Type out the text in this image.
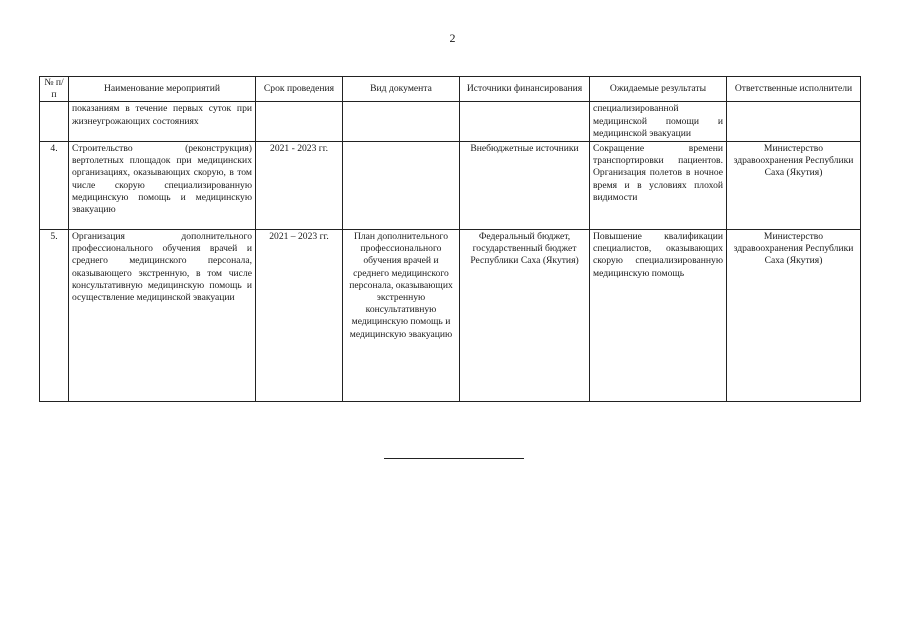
2
№ п/п	Наименование мероприятий	Срок проведения	Вид документа	Источники финансирования	Ожидаемые результаты	Ответственные исполнители
	показаниям в течение первых суток при жизнеугрожающих состояниях				специализированной медицинской помощи и медицинской эвакуации	
4.	Строительство (реконструкция) вертолетных площадок при медицинских организациях, оказывающих скорую, в том числе скорую специализированную медицинскую помощь и медицинскую эвакуацию	2021 - 2023 гг.		Внебюджетные источники	Сокращение времени транспортировки пациентов. Организация полетов в ночное время и в условиях плохой видимости	Министерство здравоохранения Республики Саха (Якутия)
5.	Организация дополнительного профессионального обучения врачей и среднего медицинского персонала, оказывающего экстренную, в том числе консультативную медицинскую помощь и осуществление медицинской эвакуации	2021 – 2023 гг.	План дополнительного профессионального обучения врачей и среднего медицинского персонала, оказывающих экстренную консультативную медицинскую помощь и медицинскую эвакуацию	Федеральный бюджет, государственный бюджет Республики Саха (Якутия)	Повышение квалификации специалистов, оказывающих скорую специализированную медицинскую помощь	Министерство здравоохранения Республики Саха (Якутия)
